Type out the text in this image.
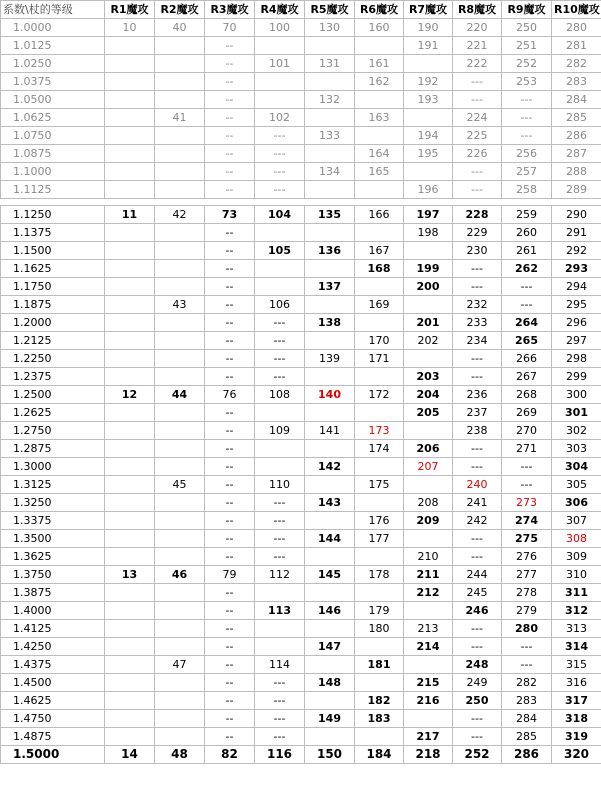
系数\杖的等级	R1魔攻	R2魔攻	R3魔攻	R4魔攻	R5魔攻	R6魔攻	R7魔攻	R8魔攻	R9魔攻	R10魔攻
1.0000	10	40	70	100	130	160	190	220	250	280
1.0125			--				191	221	251	281
1.0250			--	101	131	161		222	252	282
1.0375			--			162	192	---	253	283
1.0500			--		132		193	---	---	284
1.0625		41	--	102		163		224	---	285
1.0750			--	---	133		194	225	---	286
1.0875			--	---		164	195	226	256	287
1.1000			--	---	134	165		---	257	288
1.1125			--	---			196	---	258	289

1.1250	11	42	73	104	135	166	197	228	259	290
1.1375			--				198	229	260	291
1.1500			--	105	136	167		230	261	292
1.1625			--			168	199	---	262	293
1.1750			--		137		200	---	---	294
1.1875		43	--	106		169		232	---	295
1.2000			--	---	138		201	233	264	296
1.2125			--	---		170	202	234	265	297
1.2250			--	---	139	171		---	266	298
1.2375			--	---			203	---	267	299
1.2500	12	44	76	108	140	172	204	236	268	300
1.2625			--				205	237	269	301
1.2750			--	109	141	173		238	270	302
1.2875			--			174	206	---	271	303
1.3000			--		142		207	---	---	304
1.3125		45	--	110		175		240	---	305
1.3250			--	---	143		208	241	273	306
1.3375			--	---		176	209	242	274	307
1.3500			--	---	144	177		---	275	308
1.3625			--	---			210	---	276	309
1.3750	13	46	79	112	145	178	211	244	277	310
1.3875			--				212	245	278	311
1.4000			--	113	146	179		246	279	312
1.4125			--			180	213	---	280	313
1.4250			--		147		214	---	---	314
1.4375		47	--	114		181		248	---	315
1.4500			--	---	148		215	249	282	316
1.4625			--	---		182	216	250	283	317
1.4750			--	---	149	183		---	284	318
1.4875			--	---			217	---	285	319
1.5000	14	48	82	116	150	184	218	252	286	320
